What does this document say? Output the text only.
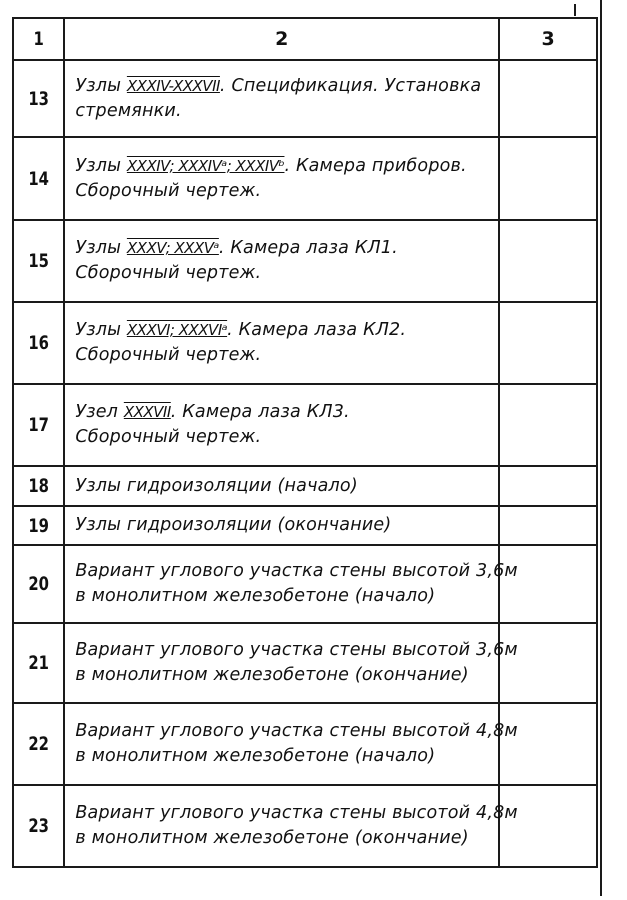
1	2	3
13	Узлы XXXIV-XXXVII. Спецификация. Установка
стремянки.	

14	Узлы XXXIV; XXXIVᵃ; XXXIVᵇ. Камера приборов.
Сборочный чертеж.	

15	Узлы XXXV; XXXVᵃ. Камера лаза КЛ1.
Сборочный чертеж.	

16	Узлы XXXVI; XXXVIᵃ. Камера лаза КЛ2.
Сборочный чертеж.	

17	Узел XXXVII. Камера лаза КЛ3.
Сборочный чертеж.	

18	Узлы гидроизоляции (начало)	

19	Узлы гидроизоляции (окончание)	

20	Вариант углового участка стены высотой 3,6м
в монолитном железобетоне (начало)	

21	Вариант углового участка стены высотой 3,6м
в монолитном железобетоне (окончание)	

22	Вариант углового участка стены высотой 4,8м
в монолитном железобетоне (начало)	

23	Вариант углового участка стены высотой 4,8м
в монолитном железобетоне (окончание)	
